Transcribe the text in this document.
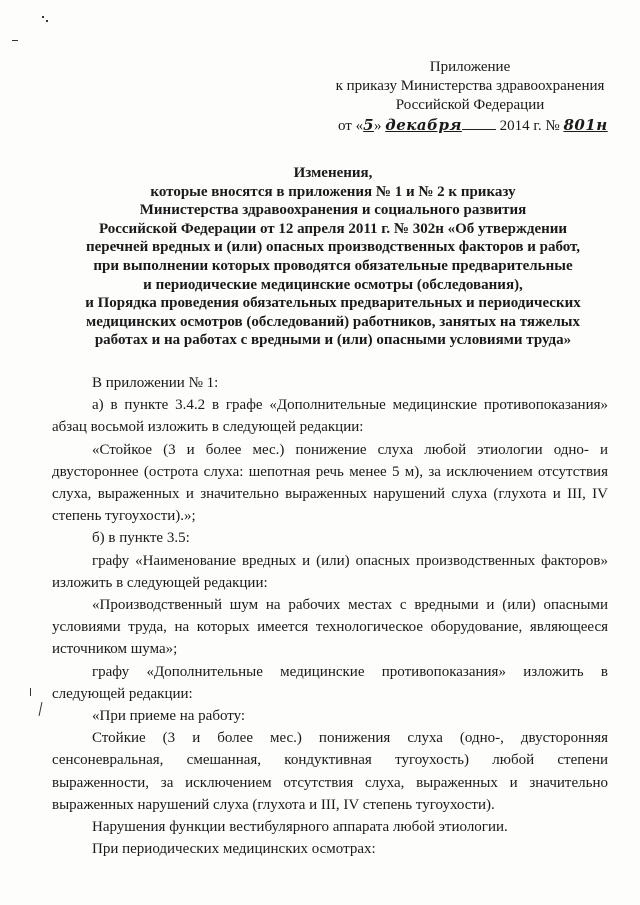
Приложение
к приказу Министерства здравоохранения
Российской Федерации
от «5» декабря 2014 г. № 801н
Изменения,
которые вносятся в приложения № 1 и № 2 к приказу
Министерства здравоохранения и социального развития
Российской Федерации от 12 апреля 2011 г. № 302н «Об утверждении
перечней вредных и (или) опасных производственных факторов и работ,
при выполнении которых проводятся обязательные предварительные
и периодические медицинские осмотры (обследования),
и Порядка проведения обязательных предварительных и периодических
медицинских осмотров (обследований) работников, занятых на тяжелых
работах и на работах с вредными и (или) опасными условиями труда»

В приложении № 1:

а) в пункте 3.4.2 в графе «Дополнительные медицинские противопоказания» абзац восьмой изложить в следующей редакции:

«Стойкое (3 и более мес.) понижение слуха любой этиологии одно- и двустороннее (острота слуха: шепотная речь менее 5 м), за исключением отсутствия слуха, выраженных и значительно выраженных нарушений слуха (глухота и III, IV степень тугоухости).»;

б) в пункте 3.5:

графу «Наименование вредных и (или) опасных производственных факторов» изложить в следующей редакции:

«Производственный шум на рабочих местах с вредными и (или) опасными условиями труда, на которых имеется технологическое оборудование, являющееся источником шума»;

графу «Дополнительные медицинские противопоказания» изложить в следующей редакции:

«При приеме на работу:

Стойкие (3 и более мес.) понижения слуха (одно-, двусторонняя сенсоневральная, смешанная, кондуктивная тугоухость) любой степени выраженности, за исключением отсутствия слуха, выраженных и значительно выраженных нарушений слуха (глухота и III, IV степень тугоухости).

Нарушения функции вестибулярного аппарата любой этиологии.

При периодических медицинских осмотрах:
